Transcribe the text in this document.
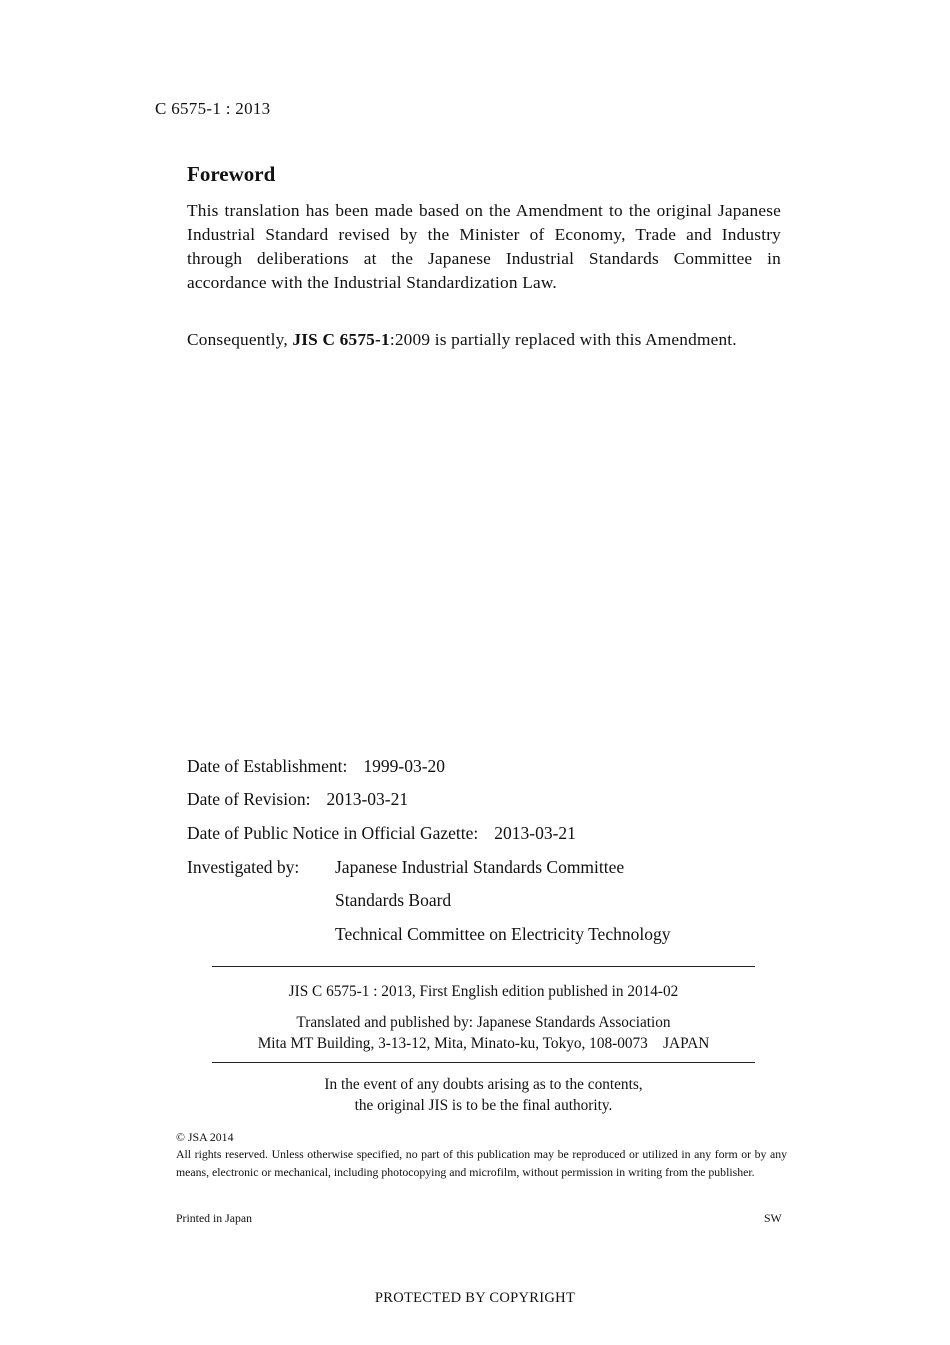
C 6575-1 : 2013
Foreword
This translation has been made based on the Amendment to the original Japanese Industrial Standard revised by the Minister of Economy, Trade and Industry through deliberations at the Japanese Industrial Standards Committee in accordance with the Industrial Standardization Law.
Consequently, JIS C 6575-1:2009 is partially replaced with this Amendment.
Date of Establishment: 1999-03-20
Date of Revision: 2013-03-21
Date of Public Notice in Official Gazette: 2013-03-21
Investigated by: Japanese Industrial Standards Committee
Standards Board
Technical Committee on Electricity Technology
JIS C 6575-1 : 2013, First English edition published in 2014-02
Translated and published by: Japanese Standards Association
Mita MT Building, 3-13-12, Mita, Minato-ku, Tokyo, 108-0073    JAPAN
In the event of any doubts arising as to the contents,
the original JIS is to be the final authority.
© JSA 2014
All rights reserved. Unless otherwise specified, no part of this publication may be reproduced or utilized in any form or by any means, electronic or mechanical, including photocopying and microfilm, without permission in writing from the publisher.
Printed in Japan	SW
PROTECTED BY COPYRIGHT
